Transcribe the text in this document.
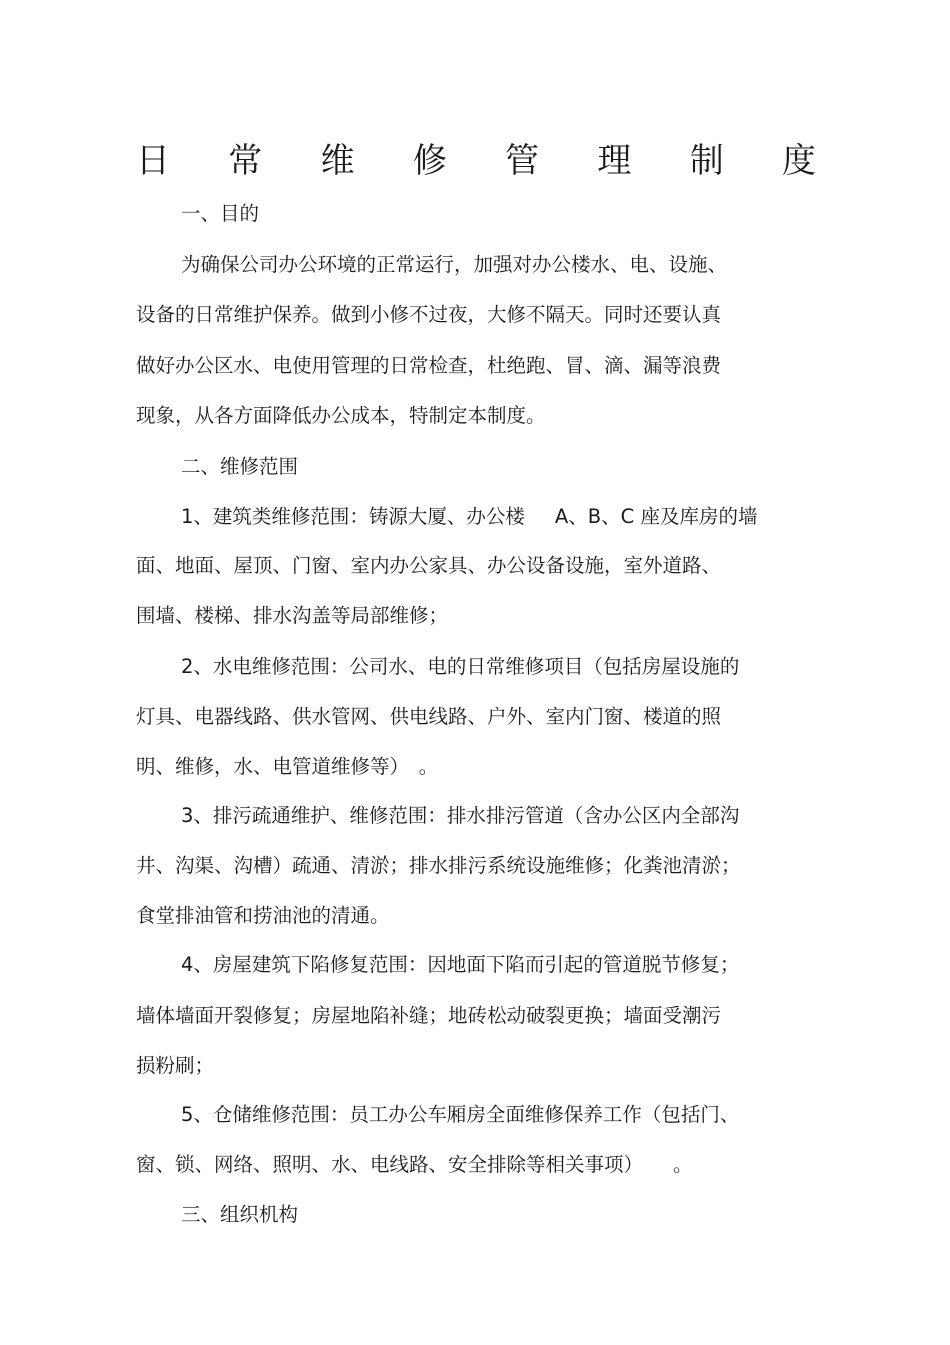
日 常 维 修 管 理 制 度
一、目的
为确保公司办公环境的正常运行，加强对办公楼水、电、设施、
设备的日常维护保养。做到小修不过夜，大修不隔天。同时还要认真
做好办公区水、电使用管理的日常检查，杜绝跑、冒、滴、漏等浪费
现象，从各方面降低办公成本，特制定本制度。
二、维修范围
1、建筑类维修范围：铸源大厦、办公楼 A、B、C 座及库房的墙
面、地面、屋顶、门窗、室内办公家具、办公设备设施，室外道路、
围墙、楼梯、排水沟盖等局部维修；
2、水电维修范围：公司水、电的日常维修项目（包括房屋设施的
灯具、电器线路、供水管网、供电线路、户外、室内门窗、楼道的照
明、维修，水、电管道维修等）　。
3、排污疏通维护、维修范围：排水排污管道（含办公区内全部沟
井、沟渠、沟槽）疏通、清淤；排水排污系统设施维修；化粪池清淤；
食堂排油管和捞油池的清通。
4、房屋建筑下陷修复范围：因地面下陷而引起的管道脱节修复；
墙体墙面开裂修复；房屋地陷补缝；地砖松动破裂更换；墙面受潮污
损粉刷；
5、仓储维修范围：员工办公车厢房全面维修保养工作（包括门、
窗、锁、网络、照明、水、电线路、安全排除等相关事项） 。
三、组织机构
